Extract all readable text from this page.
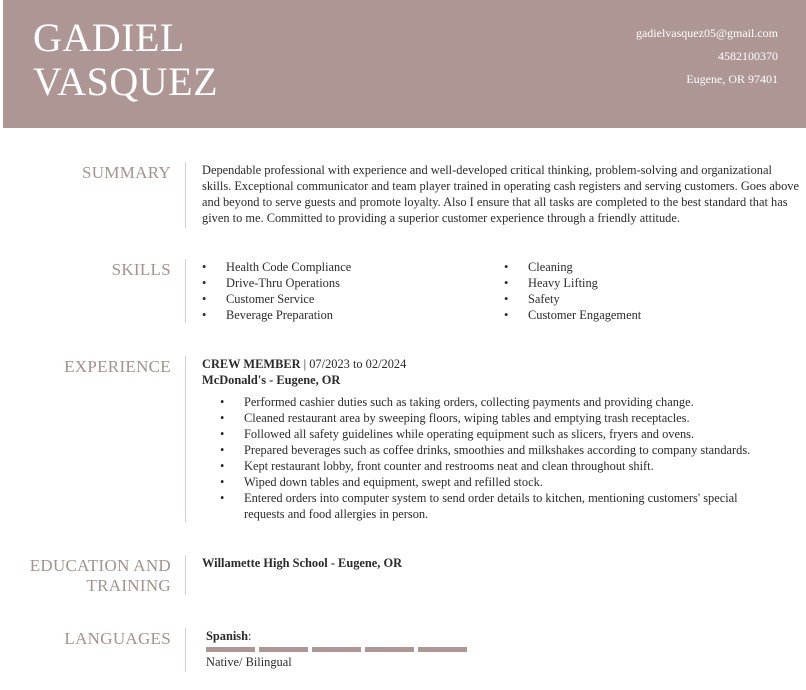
GADIEL
VASQUEZ
gadielvasquez05@gmail.com
4582100370
Eugene, OR 97401
SUMMARY	Dependable professional with experience and well-developed critical thinking, problem-solving and organizational skills. Exceptional communicator and team player trained in operating cash registers and serving customers. Goes above and beyond to serve guests and promote loyalty. Also I ensure that all tasks are completed to the best standard that has given to me. Committed to providing a superior customer experience through a friendly attitude.
SKILLS
•	Health Code Compliance
• Drive-Thru Operations
• Customer Service
• Beverage Preparation
• Cleaning
• Heavy Lifting
• Safety
• Customer Engagement
EXPERIENCE	CREW MEMBER | 07/2023 to 02/2024
McDonald's - Eugene, OR
• Performed cashier duties such as taking orders, collecting payments and providing change.
• Cleaned restaurant area by sweeping floors, wiping tables and emptying trash receptacles.
• Followed all safety guidelines while operating equipment such as slicers, fryers and ovens.
• Prepared beverages such as coffee drinks, smoothies and milkshakes according to company standards.
• Kept restaurant lobby, front counter and restrooms neat and clean throughout shift.
• Wiped down tables and equipment, swept and refilled stock.
• Entered orders into computer system to send order details to kitchen, mentioning customers' special requests and food allergies in person.
EDUCATION AND
TRAINING
Willamette High School - Eugene, OR
LANGUAGES	Spanish:
Native/ Bilingual
